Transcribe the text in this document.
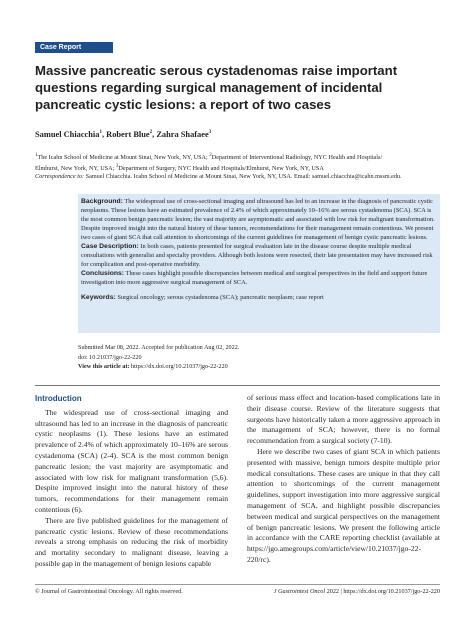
Case Report
Massive pancreatic serous cystadenomas raise important questions regarding surgical management of incidental pancreatic cystic lesions: a report of two cases
Samuel Chiacchia$^1$, Robert Blue$^2$, Zahra Shafaee$^3$
$^1$The Icahn School of Medicine at Mount Sinai, New York, NY, USA; $^2$Department of Interventional Radiology, NYC Health and Hospitals/
Elmhurst, New York, NY, USA; $^3$Department of Surgery, NYC Health and Hospitals/Elmhurst, New York, NY, USA
Correspondence to: Samuel Chiacchia. Icahn School of Medicine at Mount Sinai, New York, NY, USA. Email: samuel.chiacchia@icahn.mssm.edu.

Background: The widespread use of cross-sectional imaging and ultrasound has led to an increase in the diagnosis of pancreatic cystic neoplasms. These lesions have an estimated prevalence of 2.4% of which approximately 10–16% are serous cystadenoma (SCA). SCA is the most common benign pancreatic lesion; the vast majority are asymptomatic and associated with low risk for malignant transformation. Despite improved insight into the natural history of these tumors, recommendations for their management remain contentious. We present two cases of giant SCA that call attention to shortcomings of the current guidelines for management of benign cystic pancreatic lesions.

Case Description: In both cases, patients presented for surgical evaluation late in the disease course despite multiple medical consultations with generalist and specialty providers. Although both lesions were resected, their late presentation may have increased risk for complication and post-operative morbidity.

Conclusions: These cases highlight possible discrepancies between medical and surgical perspectives in the field and support future investigation into more aggressive surgical management of SCA.

Keywords: Surgical oncology; serous cystadenoma (SCA); pancreatic neoplasm; case report

Submitted Mar 08, 2022. Accepted for publication Aug 02, 2022.
doi: 10.21037/jgo-22-220
View this article at: https://dx.doi.org/10.21037/jgo-22-220
Introduction

The widespread use of cross-sectional imaging and ultrasound has led to an increase in the diagnosis of pancreatic cystic neoplasms (1). These lesions have an estimated prevalence of 2.4% of which approximately 10–16% are serous cystadenoma (SCA) (2-4). SCA is the most common benign pancreatic lesion; the vast majority are asymptomatic and associated with low risk for malignant transformation (5,6). Despite improved insight into the natural history of these tumors, recommendations for their management remain contentious (6).

There are five published guidelines for the management of pancreatic cystic lesions. Review of these recommendations reveals a strong emphasis on reducing the risk of morbidity and mortality secondary to malignant disease, leaving a possible gap in the management of benign lesions capable

of serious mass effect and location-based complications late in their disease course. Review of the literature suggests that surgeons have historically taken a more aggressive approach in the management of SCA; however, there is no formal recommendation from a surgical society (7-10).

Here we describe two cases of giant SCA in which patients presented with massive, benign tumors despite multiple prior medical consultations. These cases are unique in that they call attention to shortcomings of the current management guidelines, support investigation into more aggressive surgical management of SCA, and highlight possible discrepancies between medical and surgical perspectives on the management of benign pancreatic lesions. We present the following article in accordance with the CARE reporting checklist (available at https://jgo.amegroups.com/article/view/10.21037/jgo-22-220/rc).

© Journal of Gastrointestinal Oncology. All rights reserved.	J Gastrointest Oncol 2022 | https://dx.doi.org/10.21037/jgo-22-220
